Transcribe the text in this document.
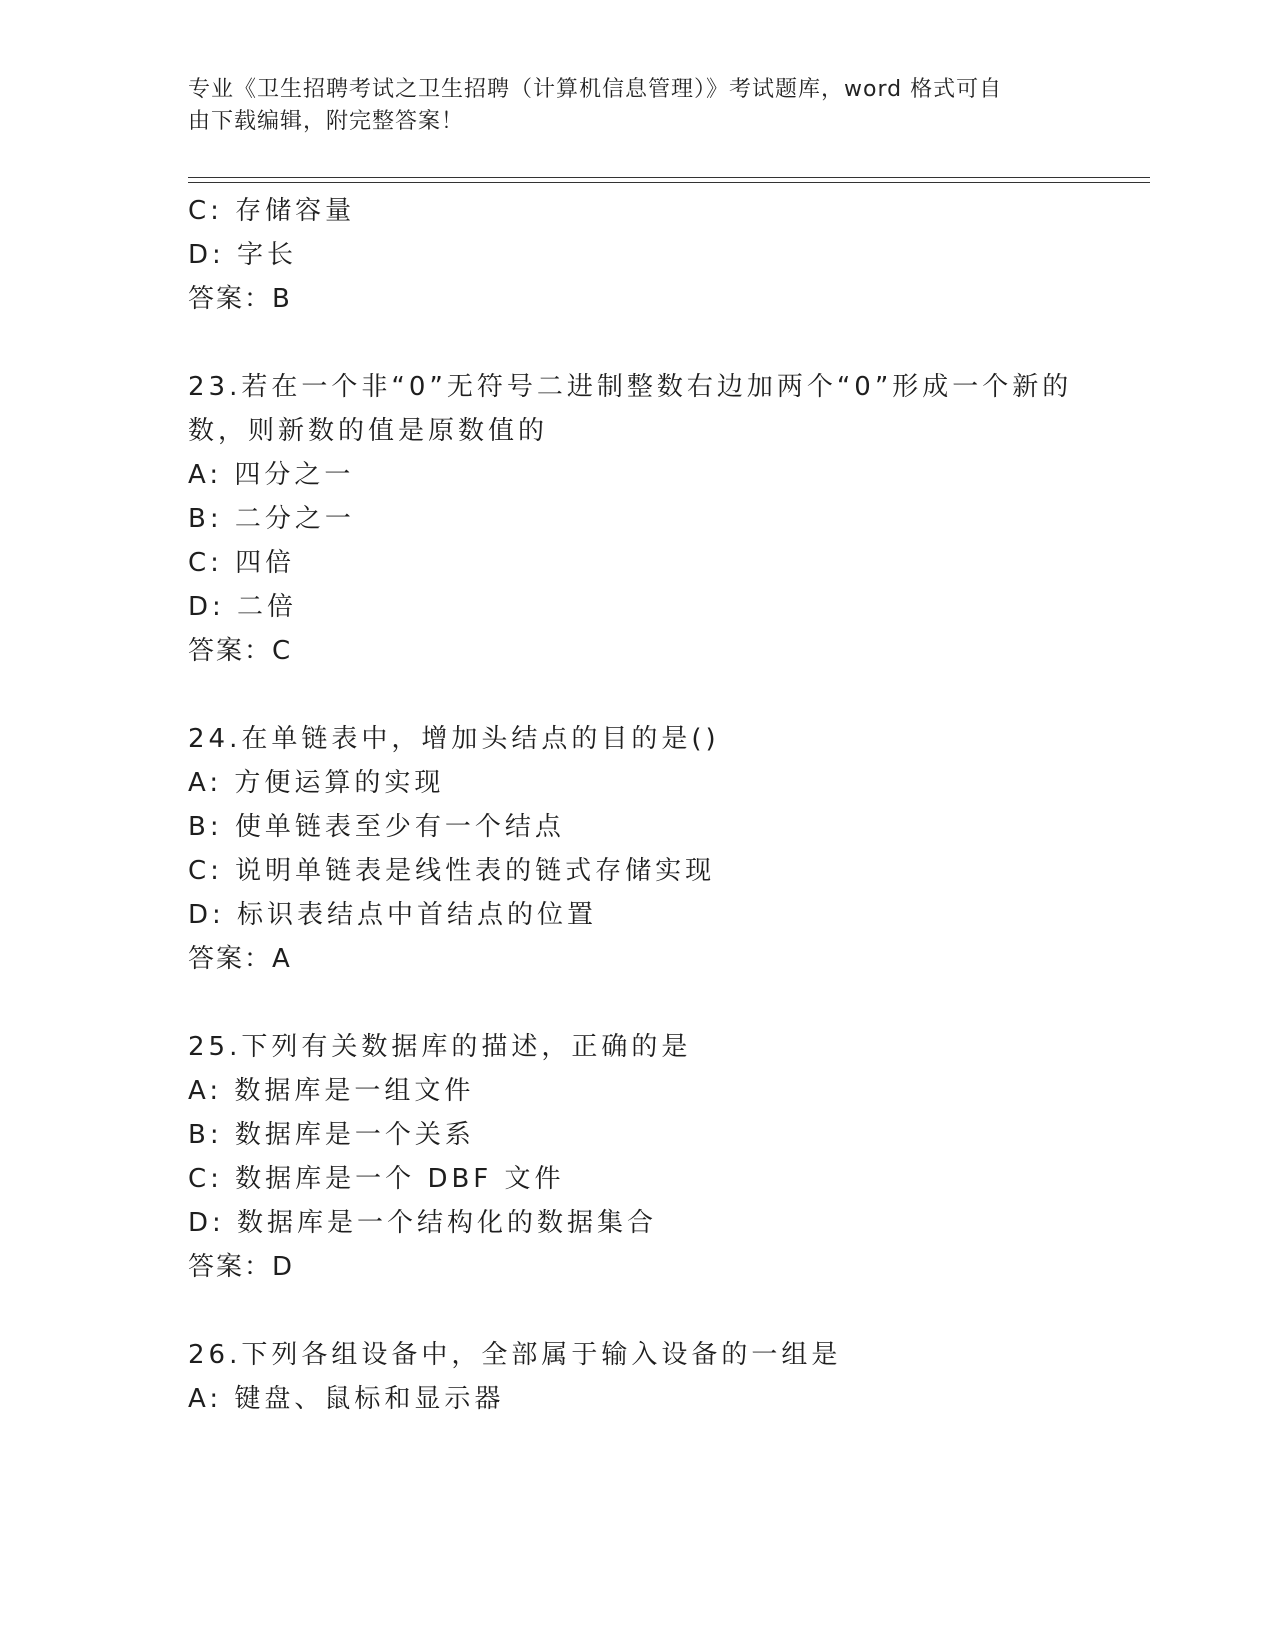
专业《卫生招聘考试之卫生招聘（计算机信息管理）》考试题库，word 格式可自
由下载编辑，附完整答案！
C: 存储容量
D: 字长
答案：B
23.若在一个非“0”无符号二进制整数右边加两个“0”形成一个新的
数，则新数的值是原数值的
A: 四分之一
B: 二分之一
C: 四倍
D: 二倍
答案：C
24.在单链表中，增加头结点的目的是()
A: 方便运算的实现
B: 使单链表至少有一个结点
C: 说明单链表是线性表的链式存储实现
D: 标识表结点中首结点的位置
答案：A
25.下列有关数据库的描述，正确的是
A: 数据库是一组文件
B: 数据库是一个关系
C: 数据库是一个 DBF 文件
D: 数据库是一个结构化的数据集合
答案：D
26.下列各组设备中，全部属于输入设备的一组是
A: 键盘、鼠标和显示器
